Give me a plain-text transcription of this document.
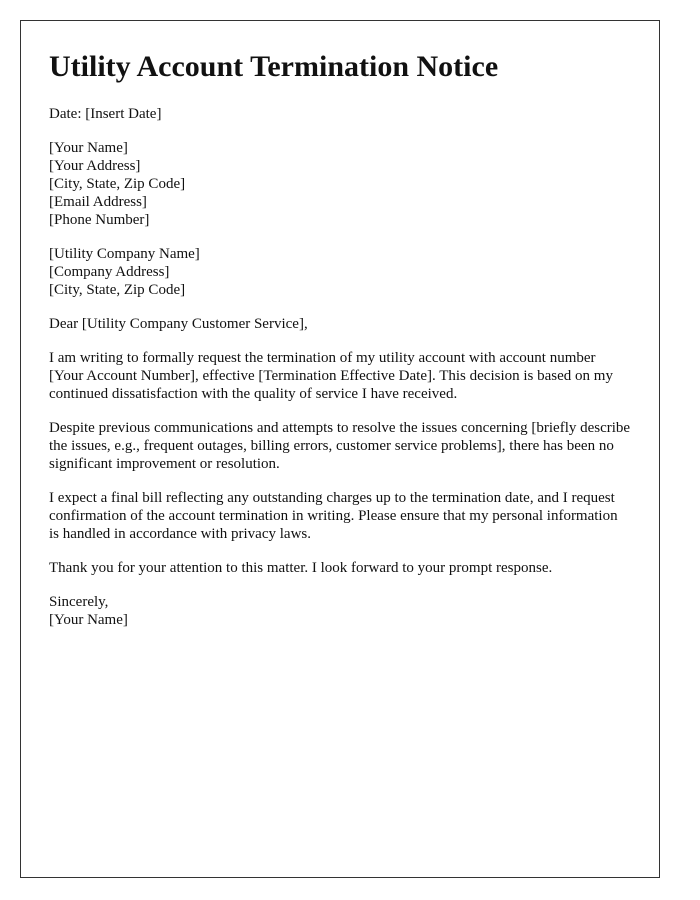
Utility Account Termination Notice
Date: [Insert Date]
[Your Name]
[Your Address]
[City, State, Zip Code]
[Email Address]
[Phone Number]
[Utility Company Name]
[Company Address]
[City, State, Zip Code]

Dear [Utility Company Customer Service],

I am writing to formally request the termination of my utility account with account number [Your Account Number], effective [Termination Effective Date]. This decision is based on my continued dissatisfaction with the quality of service I have received.

Despite previous communications and attempts to resolve the issues concerning [briefly describe the issues, e.g., frequent outages, billing errors, customer service problems], there has been no significant improvement or resolution.

I expect a final bill reflecting any outstanding charges up to the termination date, and I request confirmation of the account termination in writing. Please ensure that my personal information is handled in accordance with privacy laws.

Thank you for your attention to this matter. I look forward to your prompt response.

Sincerely,
[Your Name]
